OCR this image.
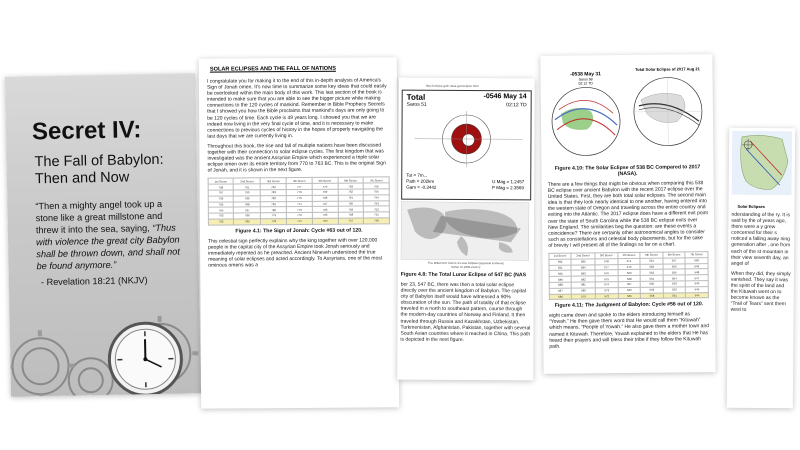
Secret IV:
The Fall of Babylon: Then and Now
“Then a mighty angel took up a stone like a great millstone and threw it into the sea, saying, “Thus with violence the great city Babylon shall be thrown down, and shall not be found anymore.”
- Revelation 18:21 (NKJV)
SOLAR ECLIPSES AND THE FALL OF NATIONS

I congratulate you for making it to the end of this in-depth analysis of America's Sign of Jonah omen. It's now time to summarize some key ideas that could easily be overlooked within the main body of this work. This last section of the book is intended to make sure that you are able to see the bigger picture while making connections to the 120 cycles of mankind. Remember in Bible Prophecy Secrets that I showed you how the Bible proclaims that mankind's days are only going to be 120 cycles of time. Each cycle is 49 years long. I showed you that we are indeed now living in the very final cycle of time, and it is necessary to make connections to previous cycles of history in the hopes of properly navigating the last days that we are currently living in.

Throughout this book, the rise and fall of multiple nations have been discussed together with their connection to solar eclipse cycles. The first kingdom that was investigated was the ancient Assyrian Empire which experienced a triple solar eclipse omen over its entire territory from 770 to 763 BC. This is the original Sign of Jonah, and it is shown in the next figure.

1st Seven	2nd Seven	3rd Seven	4th Seven	5th Seven	6th Seven	7th Seven
798	791	784	777	770	763	756
797	790	783	776	769	762	755
796	789	782	775	768	761	754
795	788	781	774	767	760	753
794	787	780	773	766	759	752
793	786	779	772	765	758	751
792	785	778	771	764	757	750

Figure 4.1: The Sign of Jonah: Cycle #63 out of 120.

This celestial sign perfectly explains why the king together with over 120,000 people in the capital city of the Assyrian Empire took Jonah seriously and immediately repented as he preached. Ancient Nineveh understood the true meaning of solar eclipses and acted accordingly. To Assyrians, one of the most ominous omens was a

http://eclipse.gsfc.nasa.gov/eclipse.html
Total
Saros 51
-0546 May 14
02:12 TD
Tot = 7m...
Path = 202km
Gam = -0.3442
U Mag = 1.2457
P Mag = 2.3569
Five Millennium Canon of Lunar Eclipses (Espenak & Meeus)
NASA TP-2009-214172

Figure 4.8: The Total Lunar Eclipse of 547 BC (NAS

ber 23, 547 BC, there was then a total solar eclipse directly over the ancient kingdom of Babylon. The capital city of Babylon itself would have witnessed a 90% obscuration of the sun. The path of totality of that eclipse traveled in a north to southeast pattern, course through the modern-day countries of Norway and Finland. It then traveled through Russia and Kazakhstan, Uzbekistan, Turkmenistan, Afghanistan, Pakistan, together with several South Asian countries where it reached in China. This path is depicted in the next figure.

-0538 May 31
Saros 58
02:12 TD
Total Solar Eclipse of 2017 Aug 21

Figure 4.10: The Solar Eclipse of 538 BC Compared to 2017 (NASA).

There are a few things that might be obvious when comparing this 538 BC eclipse over ancient Babylon with the recent 2017 eclipse over the United States. First, they are both total solar eclipses. The second main idea is that they look nearly identical to one another, having entered into the western state of Oregon and traveling across the entire country and exiting into the Atlantic. The 2017 eclipse does have a different exit point over the state of South Carolina while the 538 BC eclipse exits over New England. The similarities beg the question: are these events a coincidence? There are certainly other astronomical angles to consider such as constellations and celestial body placements, but for the sake of brevity I will present all of the findings so far on a chart.

1st Seven	2nd Seven	3rd Seven	4th Seven	5th Seven	6th Seven	7th Seven
592	585	578	571	564	557	550
591	584	577	570	563	556	549
590	583	576	569	562	555	548
589	582	575	568	561	554	547
588	581	574	567	560	553	546
587	580	573	566	559	552	545
586	579	572	565	558	551	544

Figure 4.11: The Judgment of Babylon: Cycle #56 out of 120.

eight came down and spoke to the elders introducing himself as “Yowah.” He then gave them word that He would call them “Kituwah” which means, “People of Yowah.” He also gave them a mother town and named it Kituwah. Therefore, Yowah explained to the elders that He has heard their prayers and will bless their tribe if they follow the Kituwah path.

Solar Eclipses

nderstanding of the ry. It is said by the of years ago, there were a y grew concerned for their s noticed a falling away ning generation after , one from each of the st mountain in their view seventh day, an angel of

When they did, they simply vanished. They say it was the spirit of the land and the Kituwah went on to become known as the “Trail of Tears” sent them west to
